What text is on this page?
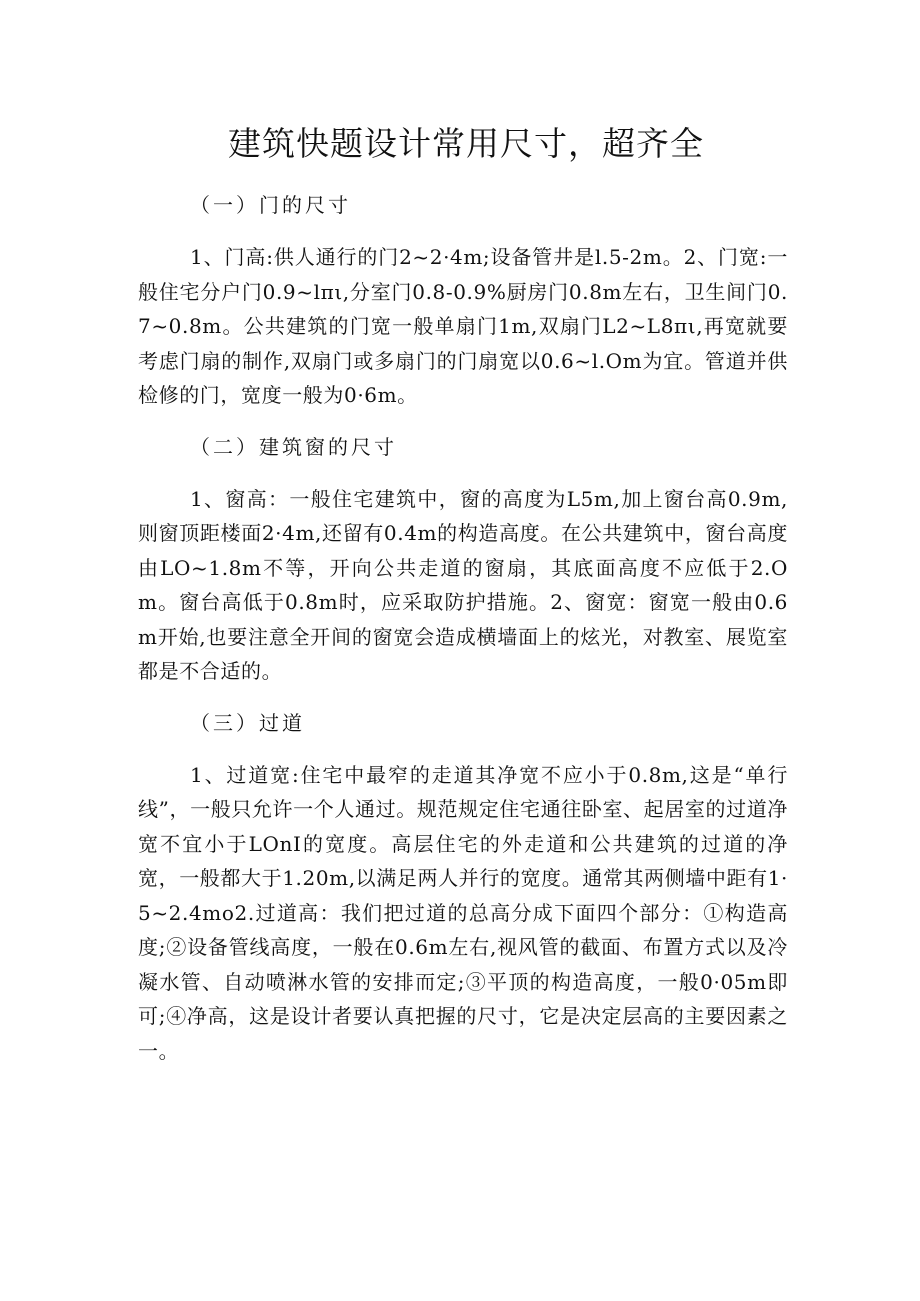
建筑快题设计常用尺寸，超齐全
（一）门的尺寸

1、门高:供人通行的门2~2·4m;设备管井是l.5-2m。2、门宽:一般住宅分户门0.9~lπι,分室门0.8-0.9%厨房门0.8m左右，卫生间门0.7~0.8m。公共建筑的门宽一般单扇门1m,双扇门L2~L8πι,再宽就要考虑门扇的制作,双扇门或多扇门的门扇宽以0.6~l.Om为宜。管道并供检修的门，宽度一般为0·6m。

（二）建筑窗的尺寸

1、窗高：一般住宅建筑中，窗的高度为L5m,加上窗台高0.9m,则窗顶距楼面2·4m,还留有0.4m的构造高度。在公共建筑中，窗台高度由LO~1.8m不等，开向公共走道的窗扇，其底面高度不应低于2.Om。窗台高低于0.8m时，应采取防护措施。2、窗宽：窗宽一般由0.6m开始,也要注意全开间的窗宽会造成横墙面上的炫光，对教室、展览室都是不合适的。

（三）过道

1、过道宽:住宅中最窄的走道其净宽不应小于0.8m,这是“单行线”，一般只允许一个人通过。规范规定住宅通往卧室、起居室的过道净宽不宜小于LOnI的宽度。高层住宅的外走道和公共建筑的过道的净宽，一般都大于1.20m,以满足两人并行的宽度。通常其两侧墙中距有1·5~2.4mo2.过道高：我们把过道的总高分成下面四个部分：①构造高度;②设备管线高度，一般在0.6m左右,视风管的截面、布置方式以及冷凝水管、自动喷淋水管的安排而定;③平顶的构造高度，一般0·05m即可;④净高，这是设计者要认真把握的尺寸，它是决定层高的主要因素之一。
